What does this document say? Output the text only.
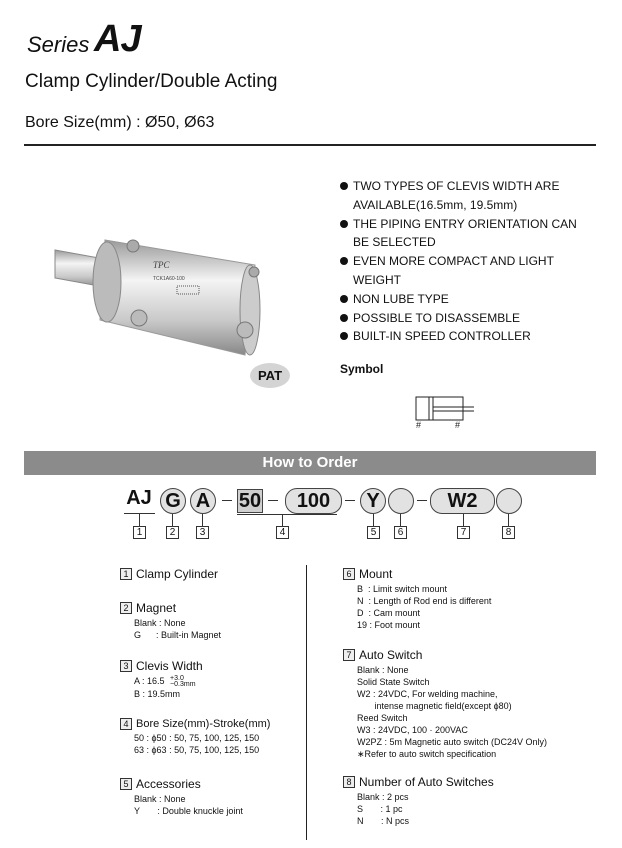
Series AJ
Clamp Cylinder/Double Acting
Bore Size(mm) : Ø50, Ø63
TPC
TCK1A60-100
PAT
TWO TYPES OF CLEVIS WIDTH ARE
AVAILABLE(16.5mm, 19.5mm)
THE PIPING ENTRY ORIENTATION CAN
BE SELECTED
EVEN MORE COMPACT AND LIGHT
WEIGHT
NON LUBE TYPE
POSSIBLE TO DISASSEMBLE
BUILT-IN SPEED CONTROLLER
Symbol
#	#
How to Order
AJ G A 50	100	Y	W2
1	2	3	4	5	6	7	8
1 Clamp Cylinder
2 Magnet
Blank : None
G      : Built-in Magnet
3 Clevis Width
A : 16.5 +3.0
−0.3mm
B : 19.5mm
4 Bore Size(mm)-Stroke(mm)
50 : ϕ50 : 50, 75, 100, 125, 150
63 : ϕ63 : 50, 75, 100, 125, 150
5 Accessories
Blank : None
Y       : Double knuckle joint
6 Mount
B  : Limit switch mount
N  : Length of Rod end is different
D  : Cam mount
19 : Foot mount
7 Auto Switch
Blank : None
Solid State Switch
W2 : 24VDC, For welding machine,
intense magnetic field(except ϕ80)
Reed Switch
W3 : 24VDC, 100 · 200VAC
W2PZ : 5m Magnetic auto switch (DC24V Only)
∗Refer to auto switch specification
8 Number of Auto Switches
Blank : 2 pcs
S       : 1 pc
N       : N pcs
